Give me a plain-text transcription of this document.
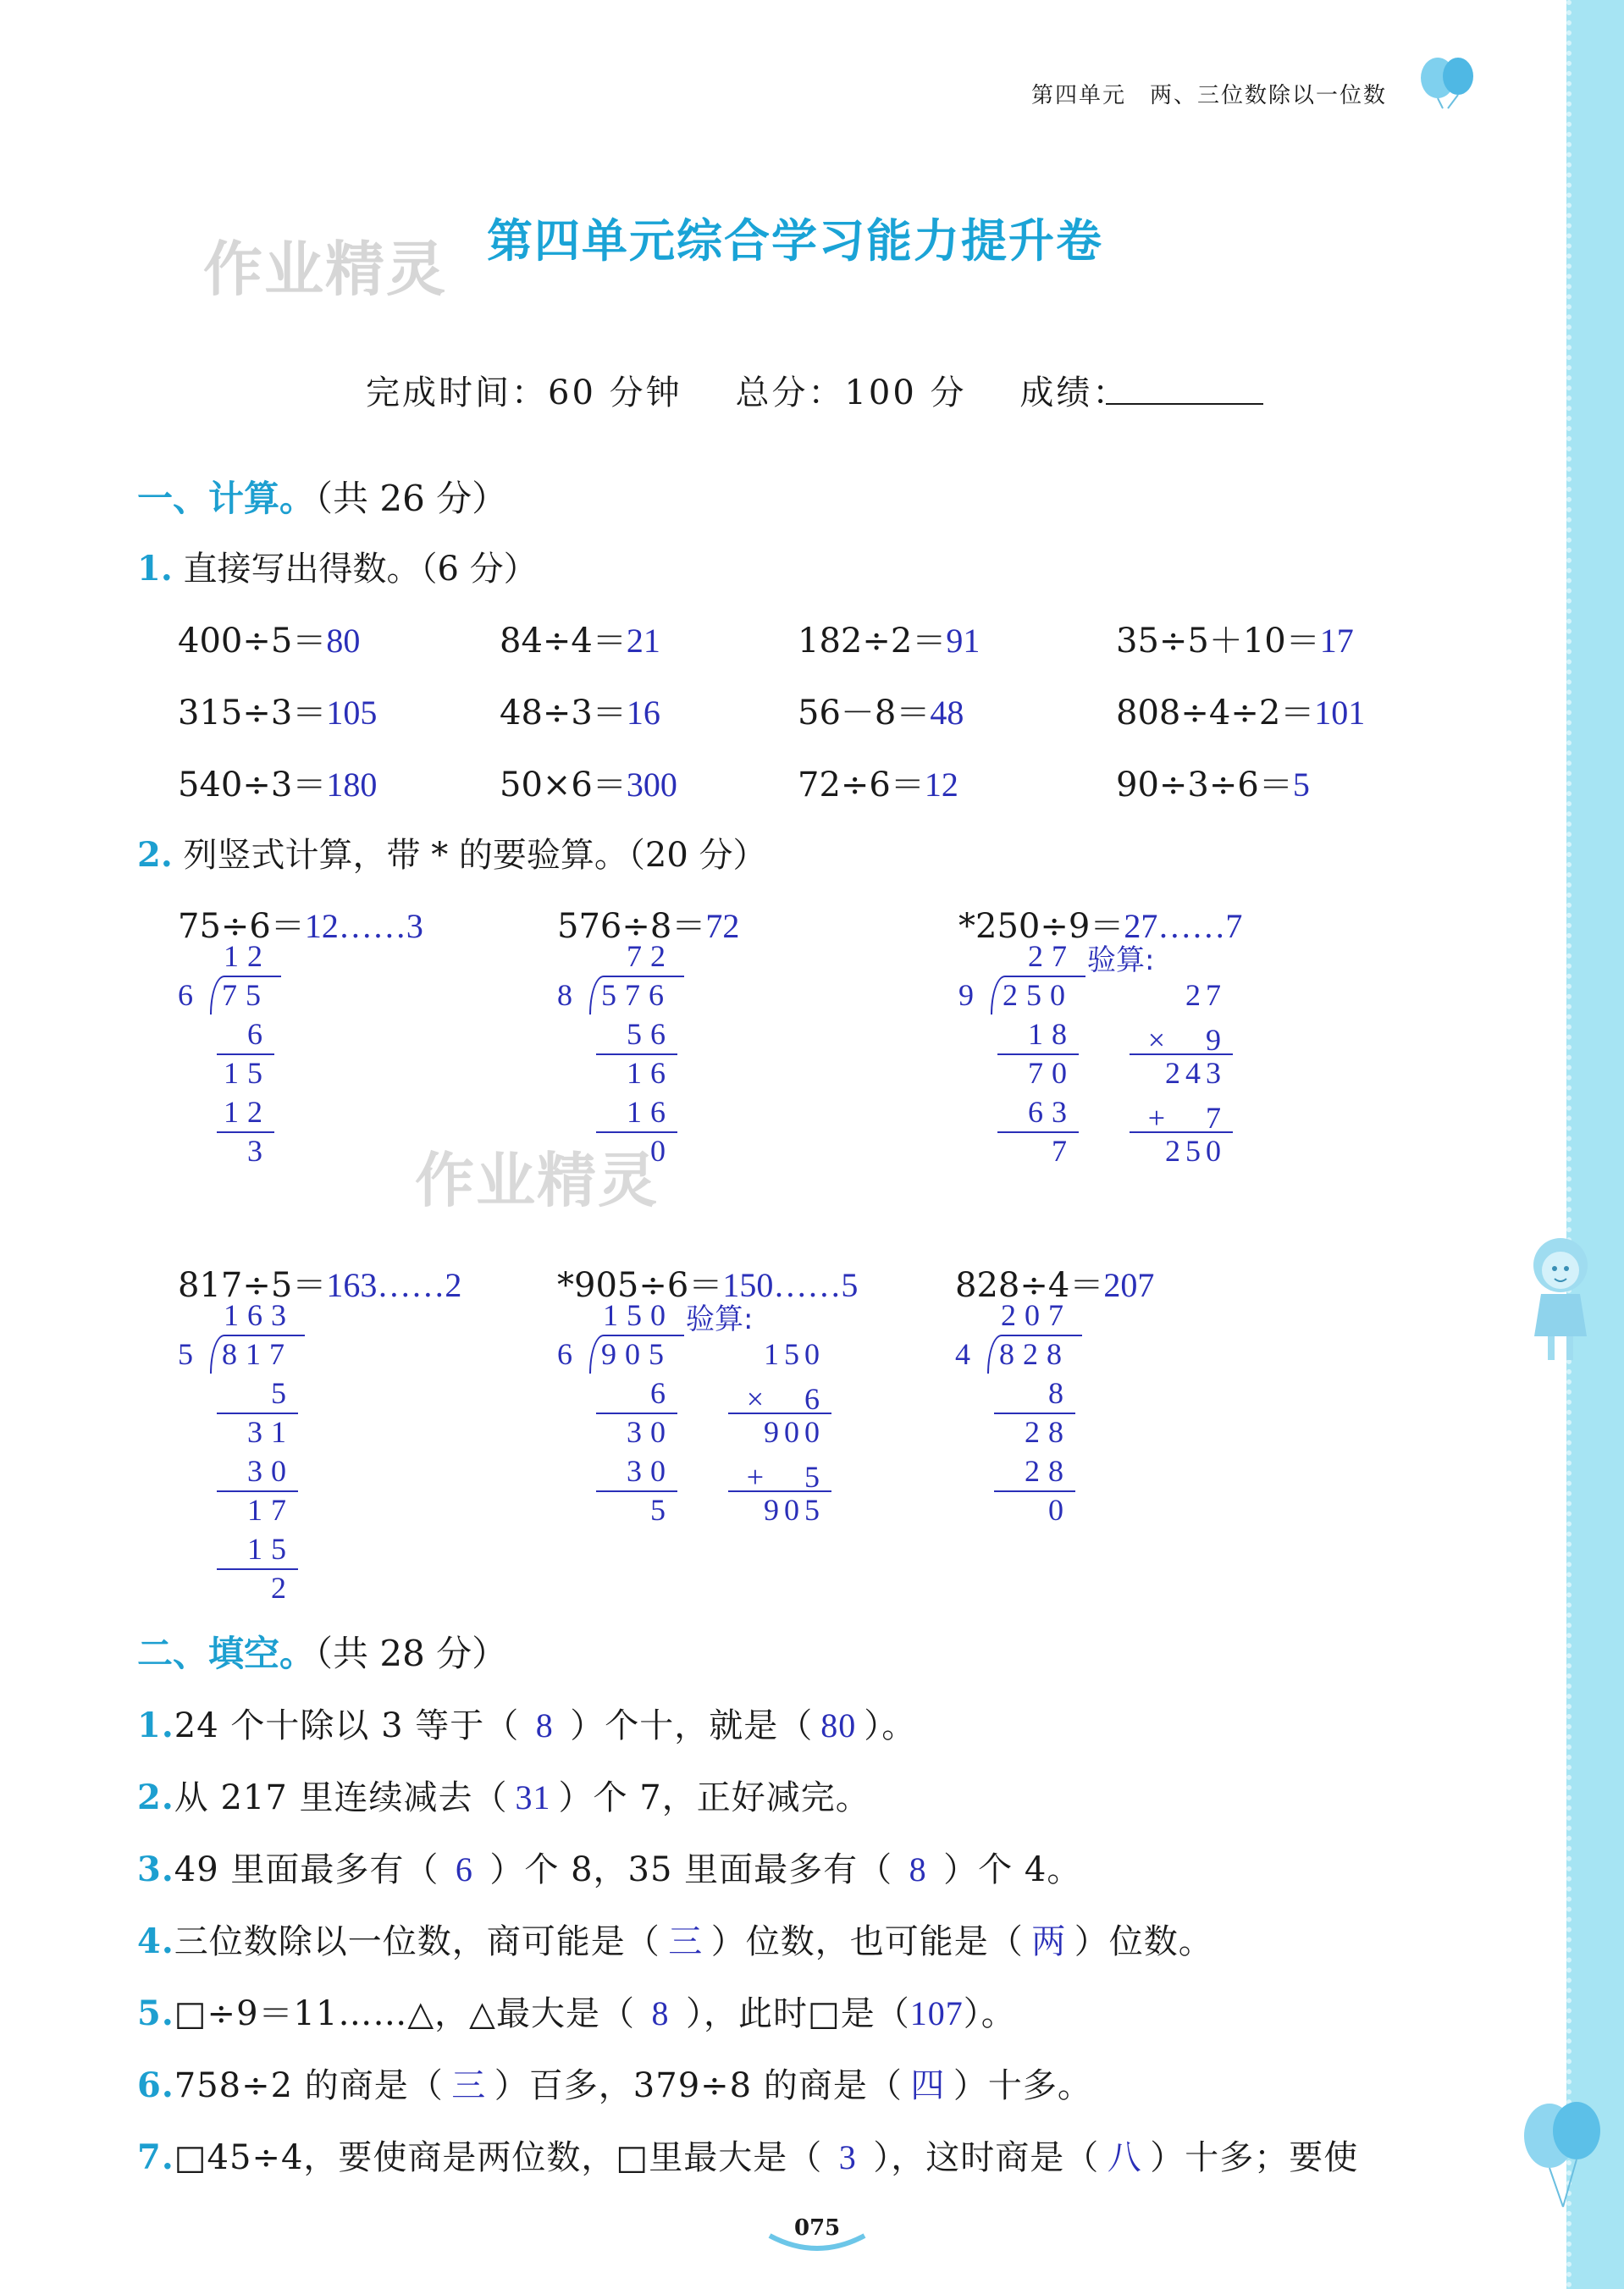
第四单元　两、三位数除以一位数
作业精灵 第四单元综合学习能力提升卷
完成时间：60 分钟 总分：100 分 成绩：
一、计算。（共 26 分）
1. 直接写出得数。（6 分）
400÷5＝80	84÷4＝21	182÷2＝91	35÷5＋10＝17
315÷3＝105	48÷3＝16	56－8＝48	808÷4÷2＝101
540÷3＝180	50×6＝300	72÷6＝12	90÷3÷6＝5
2. 列竖式计算，带 * 的要验算。（20 分）
75÷6＝12……3
12
6 75
6
15
12
3
576÷8＝72
72
8 576
56
16
16
0
*250÷9＝27……7
27
9 250
18
70
63
7
验算:
27
×　9
243
+　7
250
817÷5＝163……2
163
5 817
5
31
30
17
15
2
*905÷6＝150……5
150
6 905
6
30
30
5
验算:
150
×　6
900
+　5
905
828÷4＝207
207
4 828
8
28
28
0
作业精灵
二、填空。（共 28 分）
1.24 个十除以 3 等于（ 8 ）个十，就是（ 80 ）。
2.从 217 里连续减去（ 31 ）个 7，正好减完。
3.49 里面最多有（ 6 ）个 8，35 里面最多有（ 8 ）个 4。
4.三位数除以一位数，商可能是（ 三 ）位数，也可能是（ 两 ）位数。
5.□÷9＝11……△，△最大是（ 8 ），此时□是（107）。
6.758÷2 的商是（ 三 ）百多，379÷8 的商是（ 四 ）十多。
7.□45÷4，要使商是两位数，□里最大是（ 3 ），这时商是（ 八 ）十多；要使
075
